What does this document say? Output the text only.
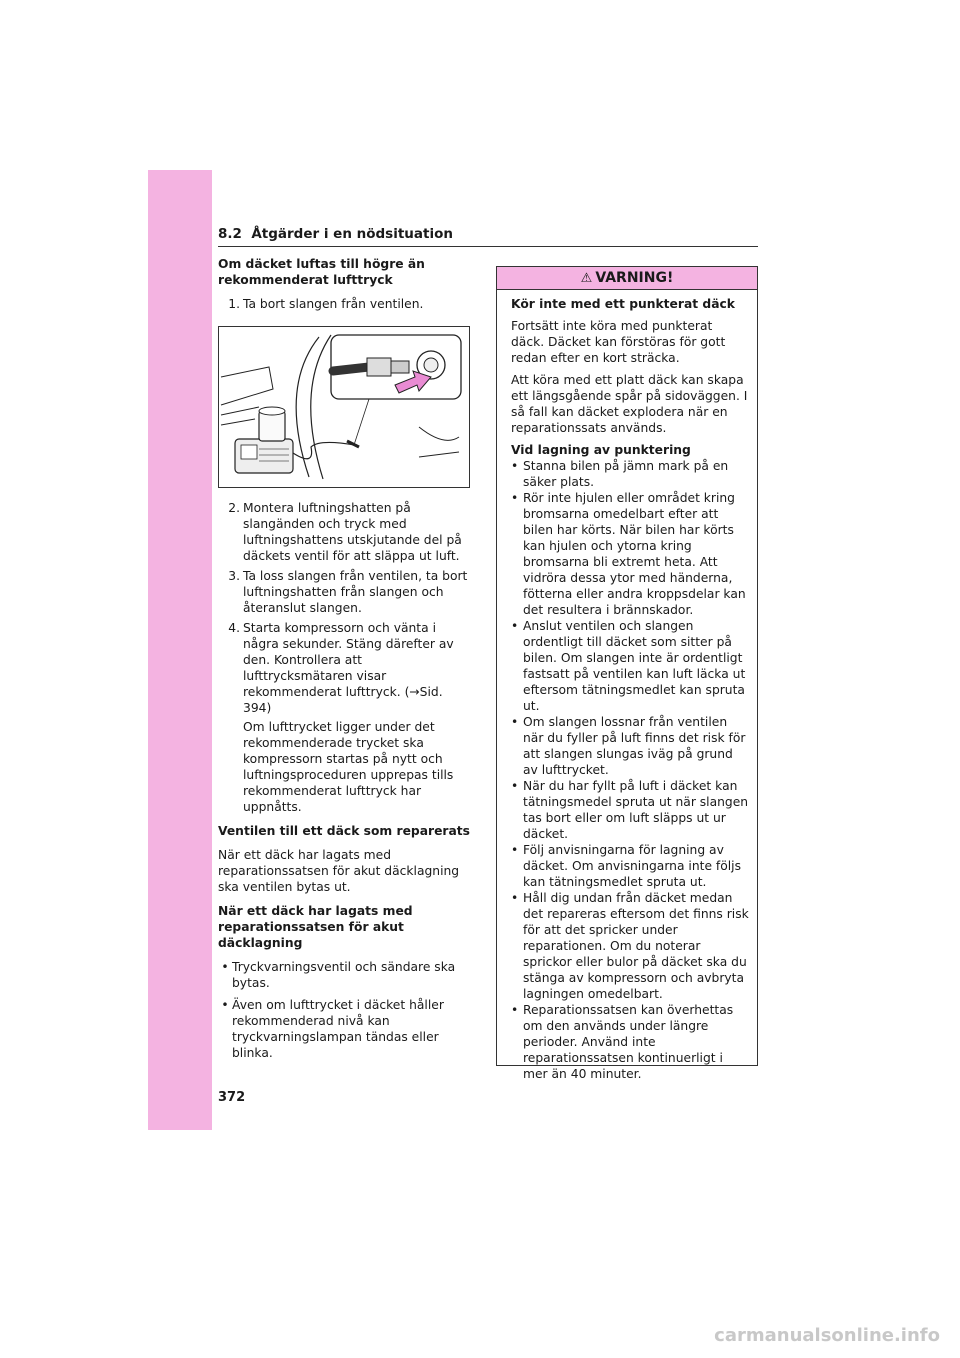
8.2 Åtgärder i en nödsituation

Om däcket luftas till högre än rekommenderat lufttryck

1. Ta bort slangen från ventilen.
2. Montera luftningshatten på slangänden och tryck med luftningshattens utskjutande del på däckets ventil för att släppa ut luft.
3. Ta loss slangen från ventilen, ta bort luftningshatten från slangen och återanslut slangen.
4. Starta kompressorn och vänta i några sekunder. Stäng därefter av den. Kontrollera att lufttrycksmätaren visar rekommenderat lufttryck. (→Sid. 394)

Om lufttrycket ligger under det rekommenderade trycket ska kompressorn startas på nytt och luftningsproceduren upprepas tills rekommenderat lufttryck har uppnåtts.

Ventilen till ett däck som reparerats

När ett däck har lagats med reparationssatsen för akut däcklagning ska ventilen bytas ut.

När ett däck har lagats med reparationssatsen för akut däcklagning

• Tryckvarningsventil och sändare ska bytas.
• Även om lufttrycket i däcket håller rekommenderad nivå kan tryckvarningslampan tändas eller blinka.
⚠ VARNING!

Kör inte med ett punkterat däck

Fortsätt inte köra med punkterat däck. Däcket kan förstöras för gott redan efter en kort sträcka.

Att köra med ett platt däck kan skapa ett längsgående spår på sidoväggen. I så fall kan däcket explodera när en reparationssats används.

Vid lagning av punktering

• Stanna bilen på jämn mark på en säker plats.
• Rör inte hjulen eller området kring bromsarna omedelbart efter att bilen har körts. När bilen har körts kan hjulen och ytorna kring bromsarna bli extremt heta. Att vidröra dessa ytor med händerna, fötterna eller andra kroppsdelar kan det resultera i brännskador.
• Anslut ventilen och slangen ordentligt till däcket som sitter på bilen. Om slangen inte är ordentligt fastsatt på ventilen kan luft läcka ut eftersom tätningsmedlet kan spruta ut.
• Om slangen lossnar från ventilen när du fyller på luft finns det risk för att slangen slungas iväg på grund av lufttrycket.
• När du har fyllt på luft i däcket kan tätningsmedel spruta ut när slangen tas bort eller om luft släpps ut ur däcket.
• Följ anvisningarna för lagning av däcket. Om anvisningarna inte följs kan tätningsmedlet spruta ut.
• Håll dig undan från däcket medan det repareras eftersom det finns risk för att det spricker under reparationen. Om du noterar sprickor eller bulor på däcket ska du stänga av kompressorn och avbryta lagningen omedelbart.
• Reparationssatsen kan överhettas om den används under längre perioder. Använd inte reparationssatsen kontinuerligt i mer än 40 minuter.
372
carmanualsonline.info
